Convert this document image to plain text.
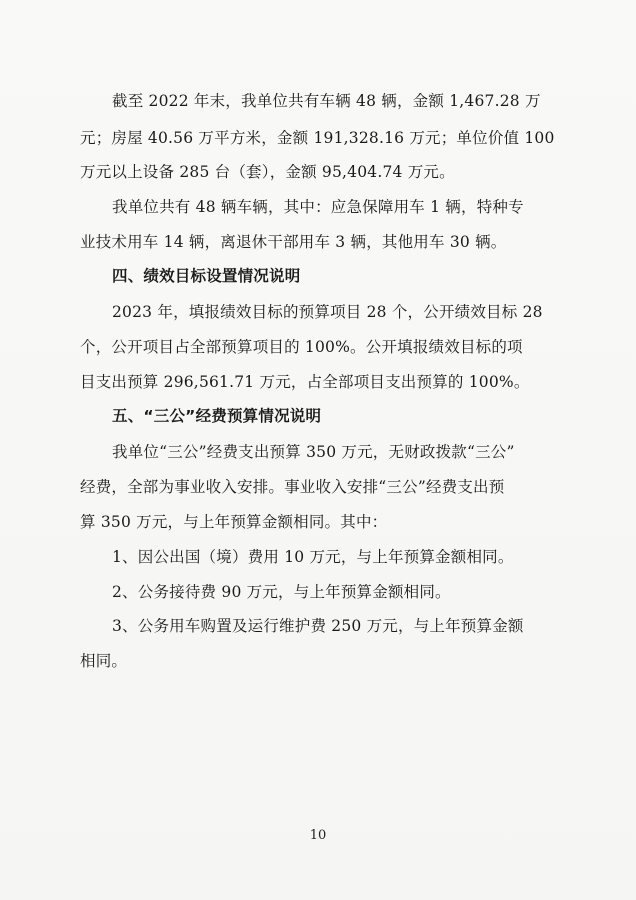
截至 2022 年末，我单位共有车辆 48 辆，金额 1,467.28 万
元；房屋 40.56 万平方米，金额 191,328.16 万元；单位价值 100
万元以上设备 285 台（套），金额 95,404.74 万元。
我单位共有 48 辆车辆，其中：应急保障用车 1 辆，特种专
业技术用车 14 辆，离退休干部用车 3 辆，其他用车 30 辆。
四、绩效目标设置情况说明
2023 年，填报绩效目标的预算项目 28 个，公开绩效目标 28
个，公开项目占全部预算项目的 100%。公开填报绩效目标的项
目支出预算 296,561.71 万元，占全部项目支出预算的 100%。
五、“三公”经费预算情况说明
我单位“三公”经费支出预算 350 万元，无财政拨款“三公”
经费，全部为事业收入安排。事业收入安排“三公”经费支出预
算 350 万元，与上年预算金额相同。其中：
1、因公出国（境）费用 10 万元，与上年预算金额相同。
2、公务接待费 90 万元，与上年预算金额相同。
3、公务用车购置及运行维护费 250 万元，与上年预算金额
相同。
10
